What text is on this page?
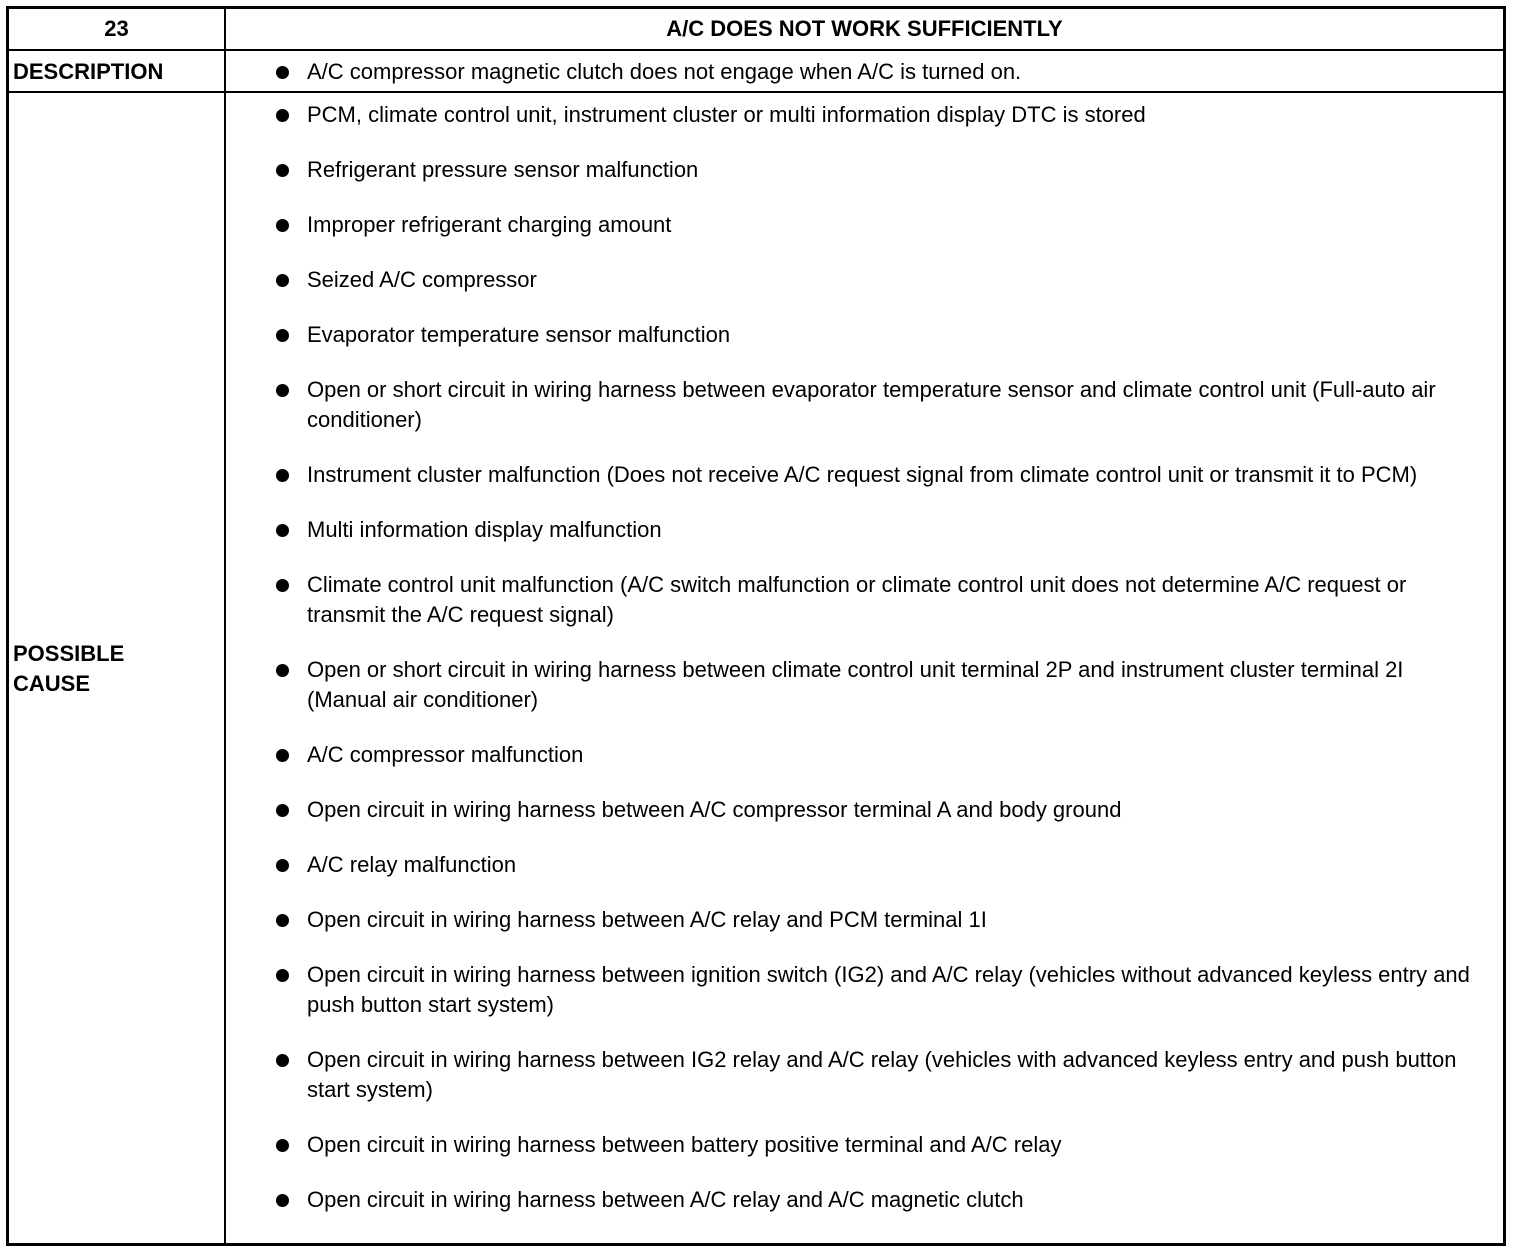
23	A/C DOES NOT WORK SUFFICIENTLY
DESCRIPTION	A/C compressor magnetic clutch does not engage when A/C is turned on.
POSSIBLE
CAUSE
PCM, climate control unit, instrument cluster or multi information display DTC is stored
Refrigerant pressure sensor malfunction
Improper refrigerant charging amount
Seized A/C compressor
Evaporator temperature sensor malfunction
Open or short circuit in wiring harness between evaporator temperature sensor and climate control unit (Full-auto air conditioner)
Instrument cluster malfunction (Does not receive A/C request signal from climate control unit or transmit it to PCM)
Multi information display malfunction
Climate control unit malfunction (A/C switch malfunction or climate control unit does not determine A/C request or transmit the A/C request signal)
Open or short circuit in wiring harness between climate control unit terminal 2P and instrument cluster terminal 2I (Manual air conditioner)
A/C compressor malfunction
Open circuit in wiring harness between A/C compressor terminal A and body ground
A/C relay malfunction
Open circuit in wiring harness between A/C relay and PCM terminal 1I
Open circuit in wiring harness between ignition switch (IG2) and A/C relay (vehicles without advanced keyless entry and push button start system)
Open circuit in wiring harness between IG2 relay and A/C relay (vehicles with advanced keyless entry and push button start system)
Open circuit in wiring harness between battery positive terminal and A/C relay
Open circuit in wiring harness between A/C relay and A/C magnetic clutch
